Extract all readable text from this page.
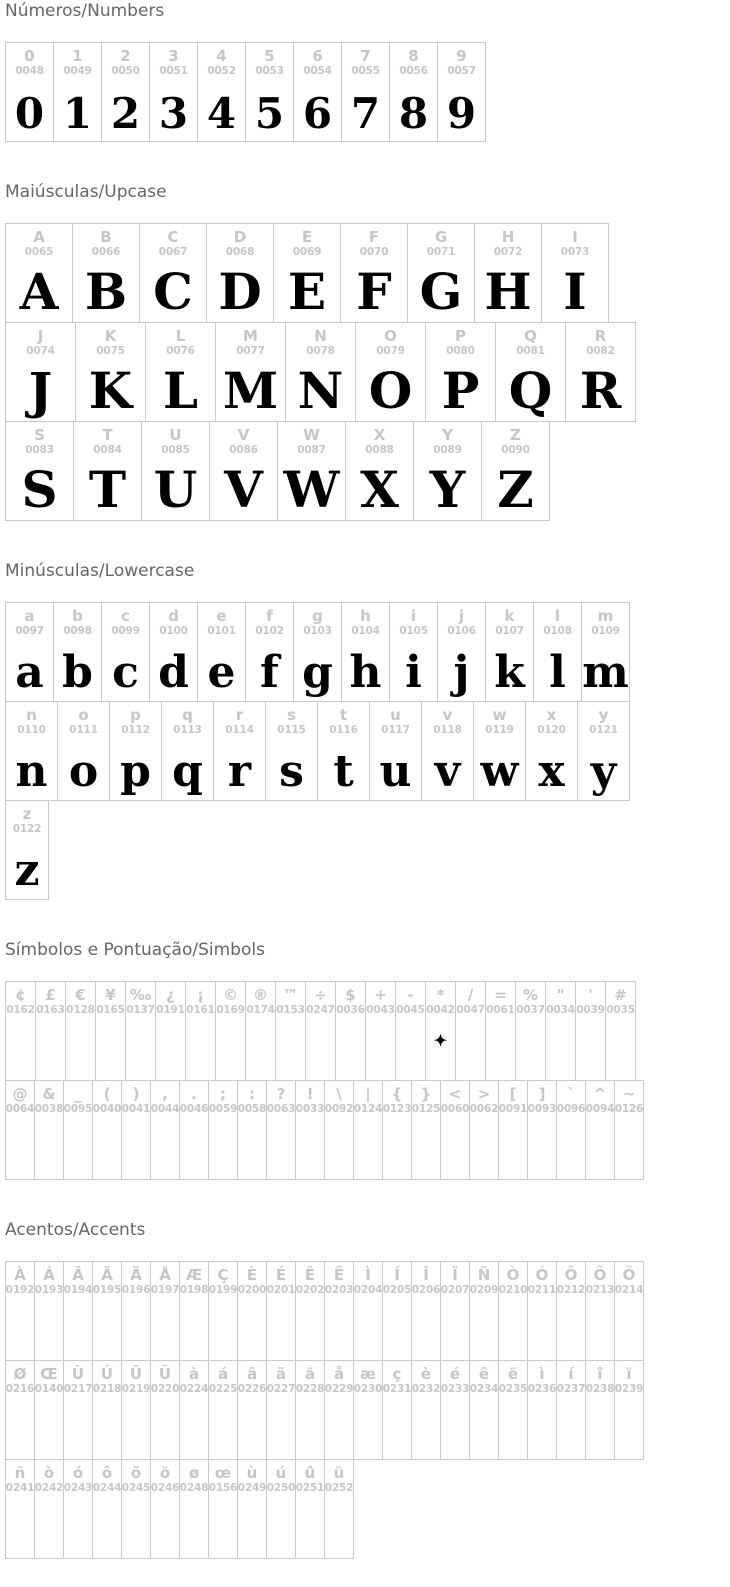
Números/Numbers
0
0048
0
1
0049
1
2
0050
2
3
0051
3
4
0052
4
5
0053
5
6
0054
6
7
0055
7
8
0056
8
9
0057
9
Maiúsculas/Upcase
A
0065
A
B
0066
B
C
0067
C
D
0068
D
E
0069
E
F
0070
F
G
0071
G
H
0072
H
I
0073
I
J
0074
J
K
0075
K
L
0076
L
M
0077
M
N
0078
N
O
0079
O
P
0080
P
Q
0081
Q
R
0082
R
S
0083
S
T
0084
T
U
0085
U
V
0086
V
W
0087
W
X
0088
X
Y
0089
Y
Z
0090
Z
Minúsculas/Lowercase
a
0097
a
b
0098
b
c
0099
c
d
0100
d
e
0101
e
f
0102
f
g
0103
g
h
0104
h
i
0105
i
j
0106
j
k
0107
k
l
0108
l
m
0109
m
n
0110
n
o
0111
o
p
0112
p
q
0113
q
r
0114
r
s
0115
s
t
0116
t
u
0117
u
v
0118
v
w
0119
w
x
0120
x
y
0121
y
z
0122
z
Símbolos e Pontuação/Simbols
¢
0162
£
0163
€
0128
¥
0165
‰
0137
¿
0191
¡
0161
©
0169
®
0174
™
0153
÷
0247
$
0036
+
0043
-
0045
*
0042
✦
/
0047
=
0061
%
0037
"
0034
'
0039
#
0035
@
0064
&
0038
_
0095
(
0040
)
0041
,
0044
.
0046
;
0059
:
0058
?
0063
!
0033
\
0092
|
0124
{
0123
}
0125
<
0060
>
0062
[
0091
]
0093
`
0096
^
0094
~
0126
Acentos/Accents
À
0192
Á
0193
Â
0194
Ã
0195
Ä
0196
Å
0197
Æ
0198
Ç
0199
È
0200
É
0201
Ê
0202
Ë
0203
Ì
0204
Í
0205
Î
0206
Ï
0207
Ñ
0209
Ò
0210
Ó
0211
Ô
0212
Õ
0213
Ö
0214
Ø
0216
Œ
0140
Ù
0217
Ú
0218
Û
0219
Ü
0220
à
0224
á
0225
â
0226
ã
0227
ä
0228
å
0229
æ
0230
ç
0231
è
0232
é
0233
ê
0234
ë
0235
ì
0236
í
0237
î
0238
ï
0239
ñ
0241
ò
0242
ó
0243
ô
0244
õ
0245
ö
0246
ø
0248
œ
0156
ù
0249
ú
0250
û
0251
ü
0252
